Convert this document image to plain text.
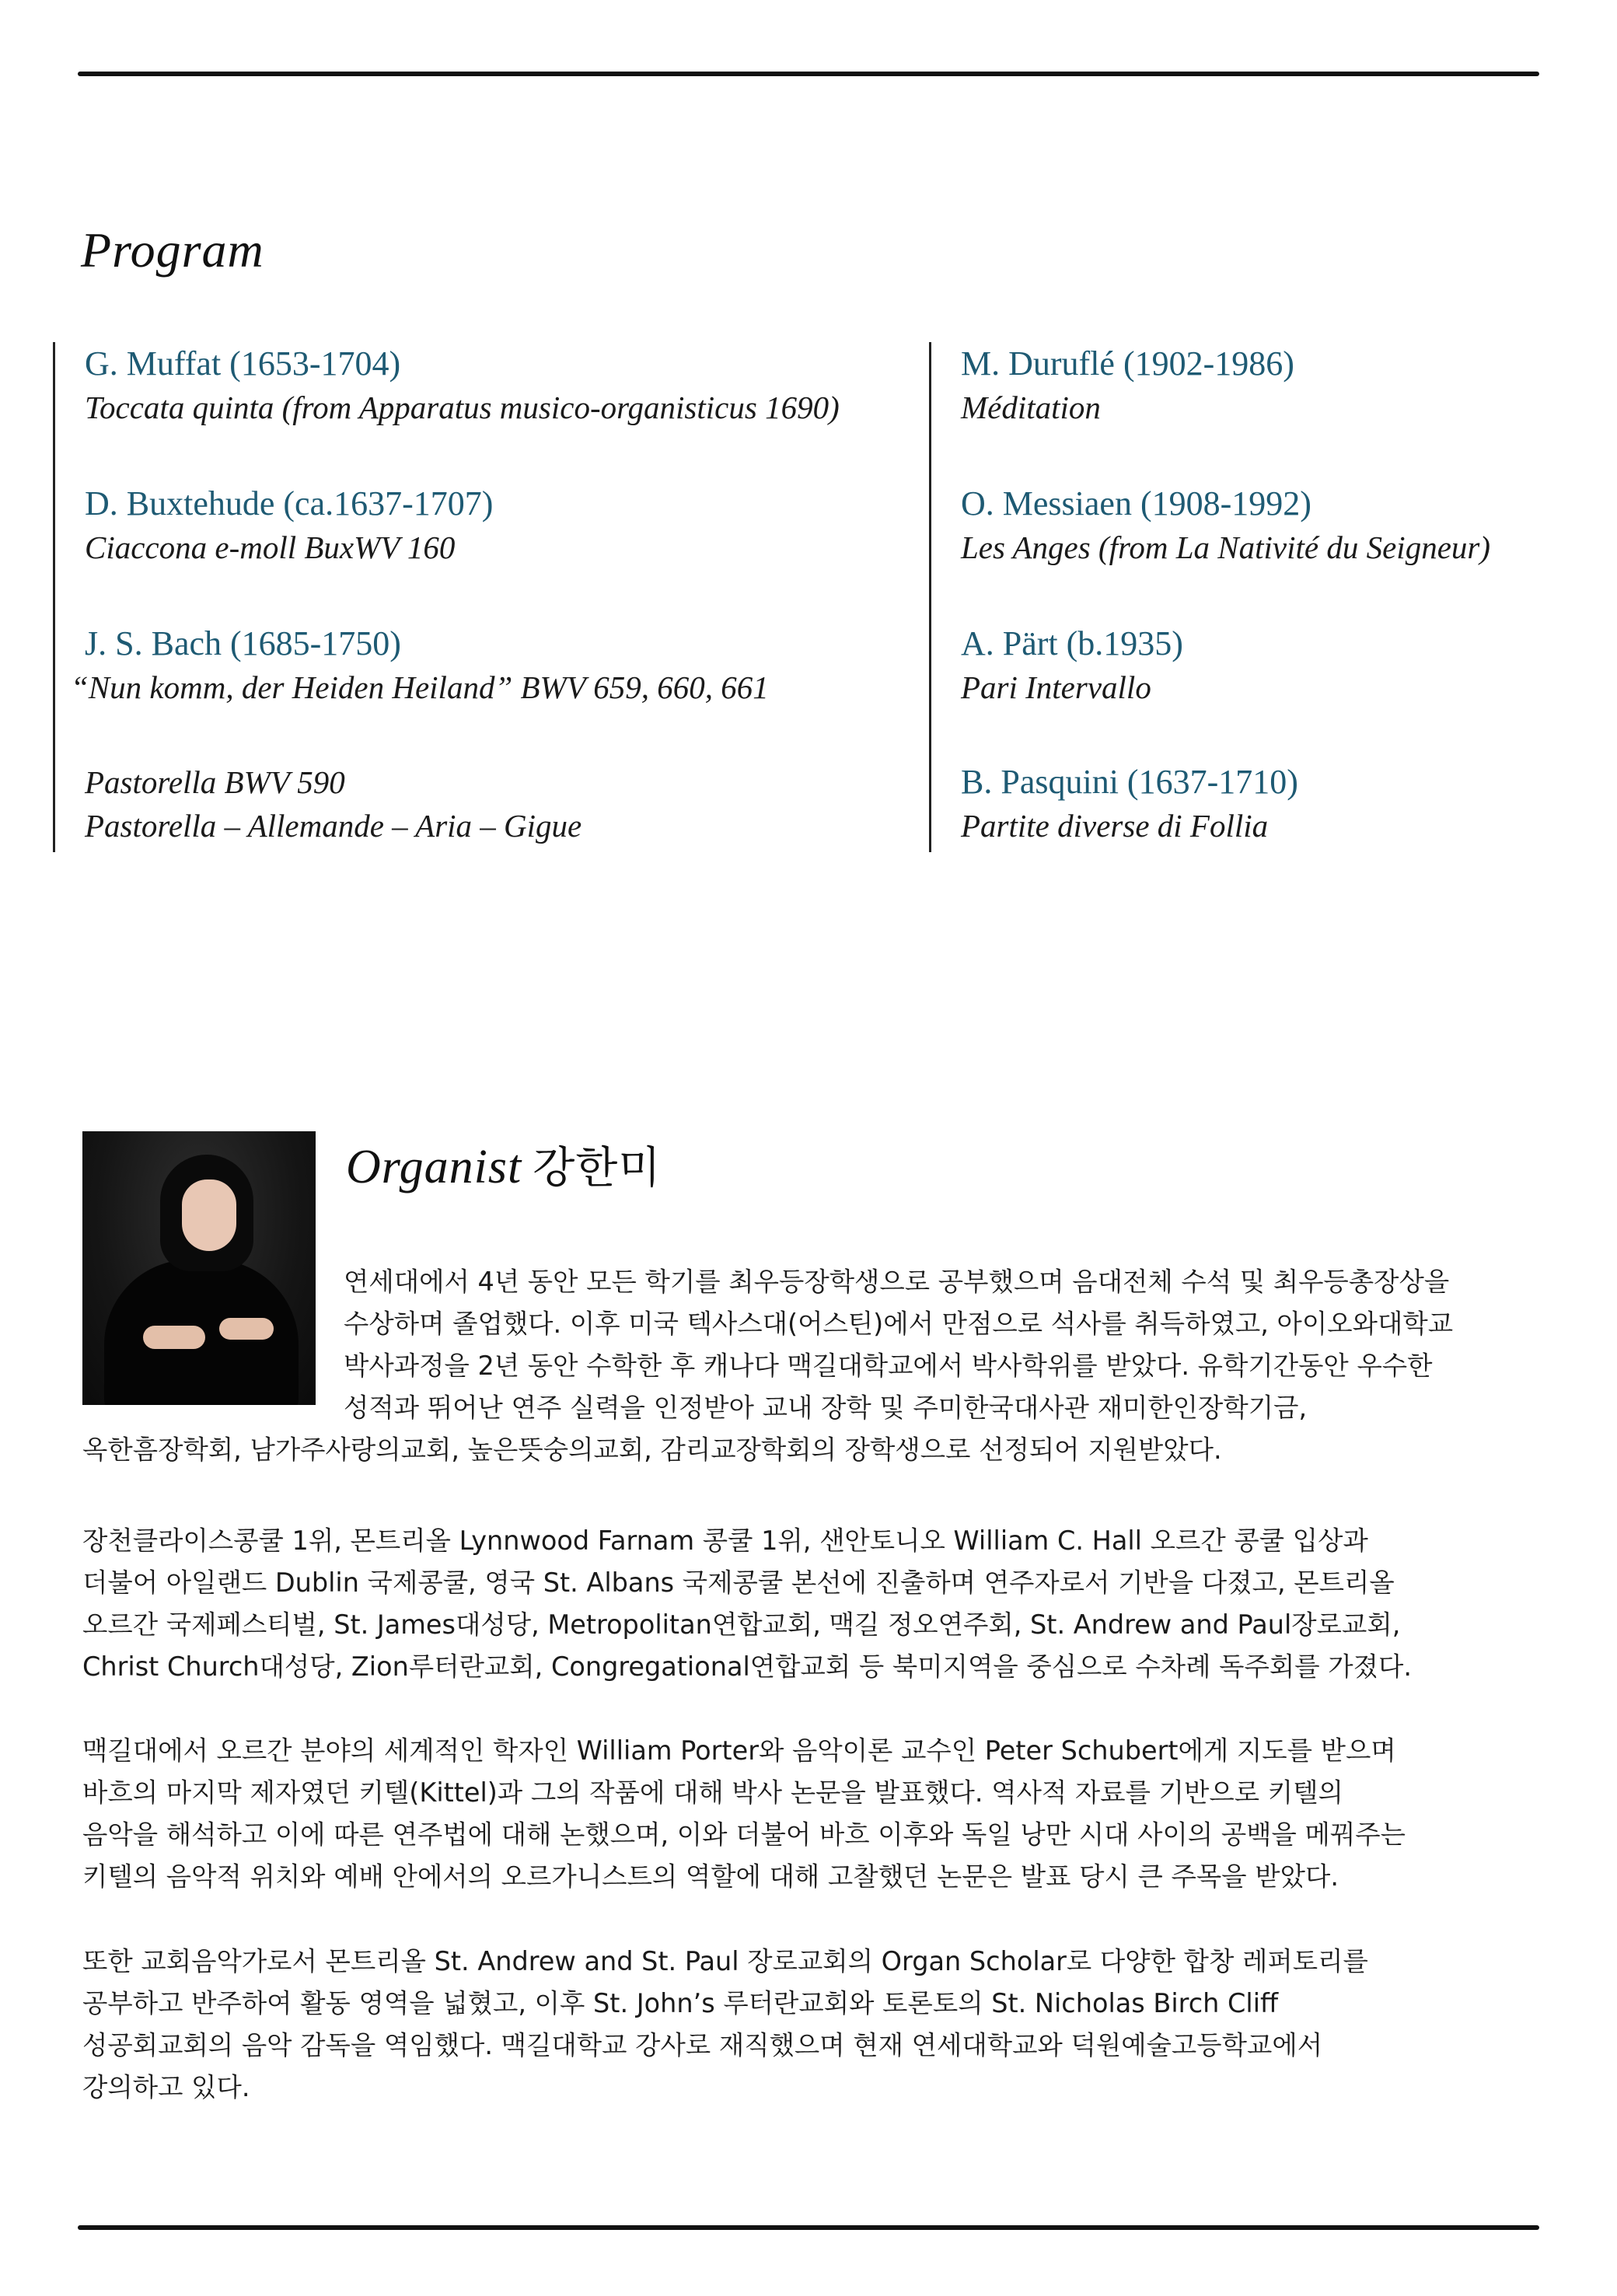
Program
G. Muffat (1653-1704)
Toccata quinta (from Apparatus musico-organisticus 1690)
D. Buxtehude (ca.1637-1707)
Ciaccona e-moll BuxWV 160
J. S. Bach (1685-1750)
“Nun komm, der Heiden Heiland” BWV 659, 660, 661
Pastorella BWV 590
Pastorella – Allemande – Aria – Gigue
M. Duruflé (1902-1986)
Méditation
O. Messiaen (1908-1992)
Les Anges (from La Nativité du Seigneur)
A. Pärt (b.1935)
Pari Intervallo
B. Pasquini (1637-1710)
Partite diverse di Follia
Organist 강한미
연세대에서 4년 동안 모든 학기를 최우등장학생으로 공부했으며 음대전체 수석 및 최우등총장상을
수상하며 졸업했다. 이후 미국 텍사스대(어스틴)에서 만점으로 석사를 취득하였고, 아이오와대학교
박사과정을 2년 동안 수학한 후 캐나다 맥길대학교에서 박사학위를 받았다. 유학기간동안 우수한
성적과 뛰어난 연주 실력을 인정받아 교내 장학 및 주미한국대사관 재미한인장학기금,
옥한흠장학회, 남가주사랑의교회, 높은뜻숭의교회, 감리교장학회의 장학생으로 선정되어 지원받았다.
장천클라이스콩쿨 1위, 몬트리올 Lynnwood Farnam 콩쿨 1위, 샌안토니오 William C. Hall 오르간 콩쿨 입상과
더불어 아일랜드 Dublin 국제콩쿨, 영국 St. Albans 국제콩쿨 본선에 진출하며 연주자로서 기반을 다졌고, 몬트리올
오르간 국제페스티벌, St. James대성당, Metropolitan연합교회, 맥길 정오연주회, St. Andrew and Paul장로교회,
Christ Church대성당, Zion루터란교회, Congregational연합교회 등 북미지역을 중심으로 수차례 독주회를 가졌다.
맥길대에서 오르간 분야의 세계적인 학자인 William Porter와 음악이론 교수인 Peter Schubert에게 지도를 받으며
바흐의 마지막 제자였던 키텔(Kittel)과 그의 작품에 대해 박사 논문을 발표했다. 역사적 자료를 기반으로 키텔의
음악을 해석하고 이에 따른 연주법에 대해 논했으며, 이와 더불어 바흐 이후와 독일 낭만 시대 사이의 공백을 메꿔주는
키텔의 음악적 위치와 예배 안에서의 오르가니스트의 역할에 대해 고찰했던 논문은 발표 당시 큰 주목을 받았다.
또한 교회음악가로서 몬트리올 St. Andrew and St. Paul 장로교회의 Organ Scholar로 다양한 합창 레퍼토리를
공부하고 반주하여 활동 영역을 넓혔고, 이후 St. John’s 루터란교회와 토론토의 St. Nicholas Birch Cliff
성공회교회의 음악 감독을 역임했다. 맥길대학교 강사로 재직했으며 현재 연세대학교와 덕원예술고등학교에서
강의하고 있다.
